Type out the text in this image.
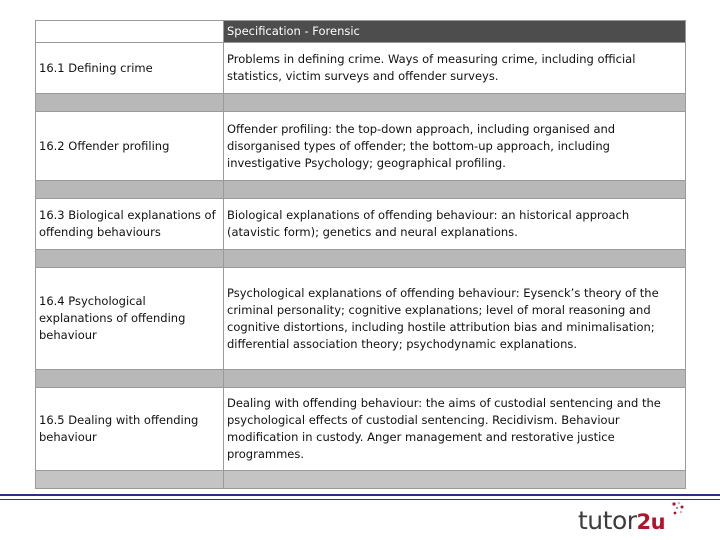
	Specification - Forensic
16.1 Defining crime	Problems in defining crime. Ways of measuring crime, including official statistics, victim surveys and offender surveys.

16.2 Offender profiling	Offender profiling: the top-down approach, including organised and disorganised types of offender; the bottom-up approach, including investigative Psychology; geographical profiling.

16.3 Biological explanations of offending behaviours	Biological explanations of offending behaviour: an historical approach (atavistic form); genetics and neural explanations.

16.4 Psychological explanations of offending behaviour	Psychological explanations of offending behaviour: Eysenck’s theory of the criminal personality; cognitive explanations; level of moral reasoning and cognitive distortions, including hostile attribution bias and minimalisation; differential association theory; psychodynamic explanations.

16.5 Dealing with offending behaviour	Dealing with offending behaviour: the aims of custodial sentencing and the psychological effects of custodial sentencing. Recidivism. Behaviour modification in custody. Anger management and restorative justice programmes.

tutor2u
